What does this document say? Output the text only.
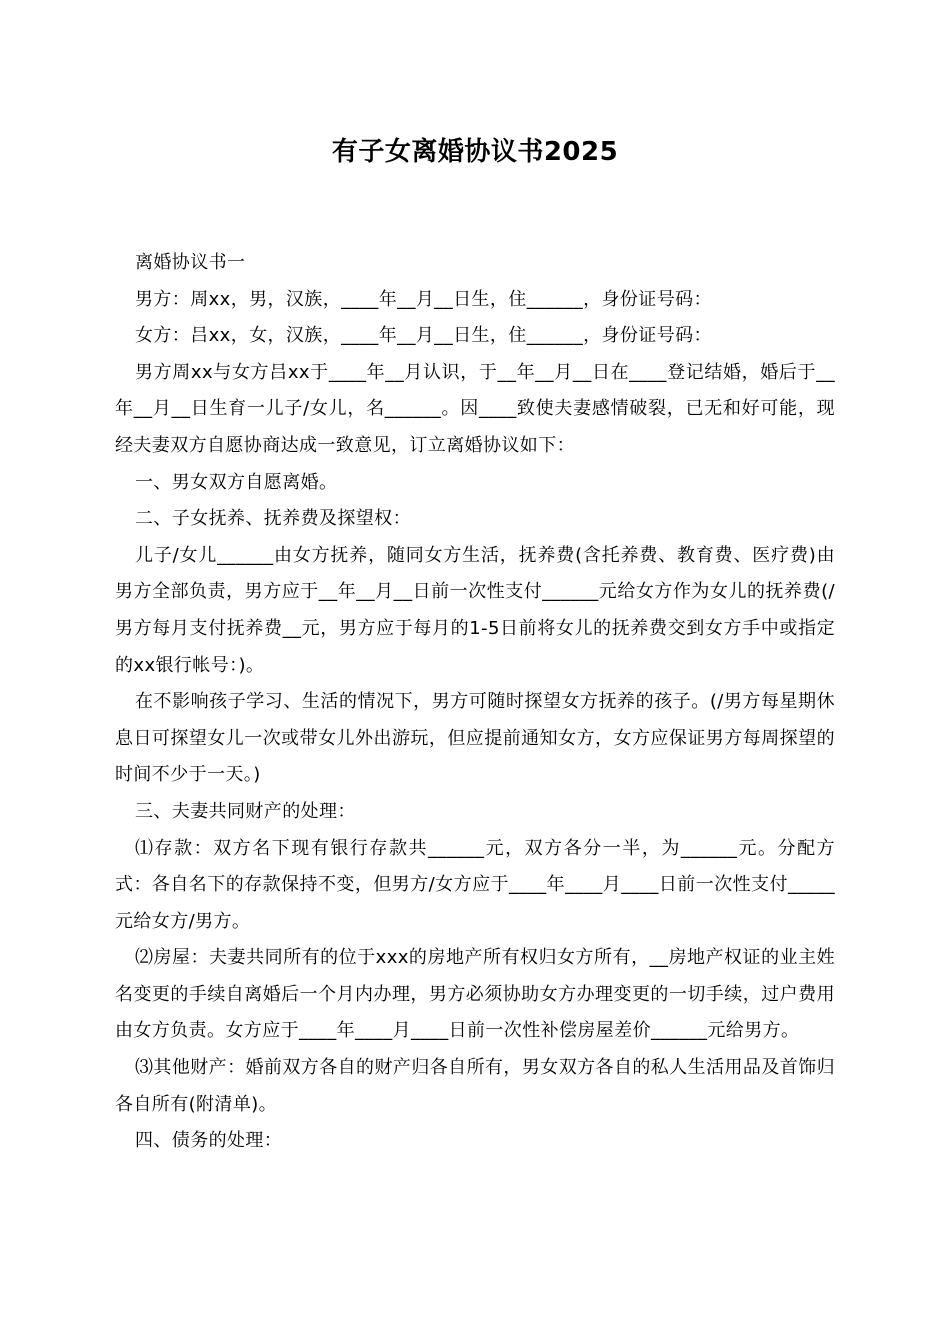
有子女离婚协议书2025

离婚协议书一

男方：周xx，男，汉族，____年__月__日生，住______，身份证号码：

女方：吕xx，女，汉族，____年__月__日生，住______，身份证号码：

男方周xx与女方吕xx于____年__月认识，于__年__月__日在____登记结婚，婚后于__年__月__日生育一儿子/女儿，名______。因____致使夫妻感情破裂，已无和好可能，现经夫妻双方自愿协商达成一致意见，订立离婚协议如下：

一、男女双方自愿离婚。

二、子女抚养、抚养费及探望权：

儿子/女儿______由女方抚养，随同女方生活，抚养费(含托养费、教育费、医疗费)由男方全部负责，男方应于__年__月__日前一次性支付______元给女方作为女儿的抚养费(/男方每月支付抚养费__元，男方应于每月的1-5日前将女儿的抚养费交到女方手中或指定的xx银行帐号：)。

在不影响孩子学习、生活的情况下，男方可随时探望女方抚养的孩子。(/男方每星期休息日可探望女儿一次或带女儿外出游玩，但应提前通知女方，女方应保证男方每周探望的时间不少于一天。)

三、夫妻共同财产的处理：

⑴存款：双方名下现有银行存款共______元，双方各分一半，为______元。分配方式：各自名下的存款保持不变，但男方/女方应于____年____月____日前一次性支付_____元给女方/男方。

⑵房屋：夫妻共同所有的位于xxx的房地产所有权归女方所有，__房地产权证的业主姓名变更的手续自离婚后一个月内办理，男方必须协助女方办理变更的一切手续，过户费用由女方负责。女方应于____年____月____日前一次性补偿房屋差价______元给男方。

⑶其他财产：婚前双方各自的财产归各自所有，男女双方各自的私人生活用品及首饰归各自所有(附清单)。

四、债务的处理：
